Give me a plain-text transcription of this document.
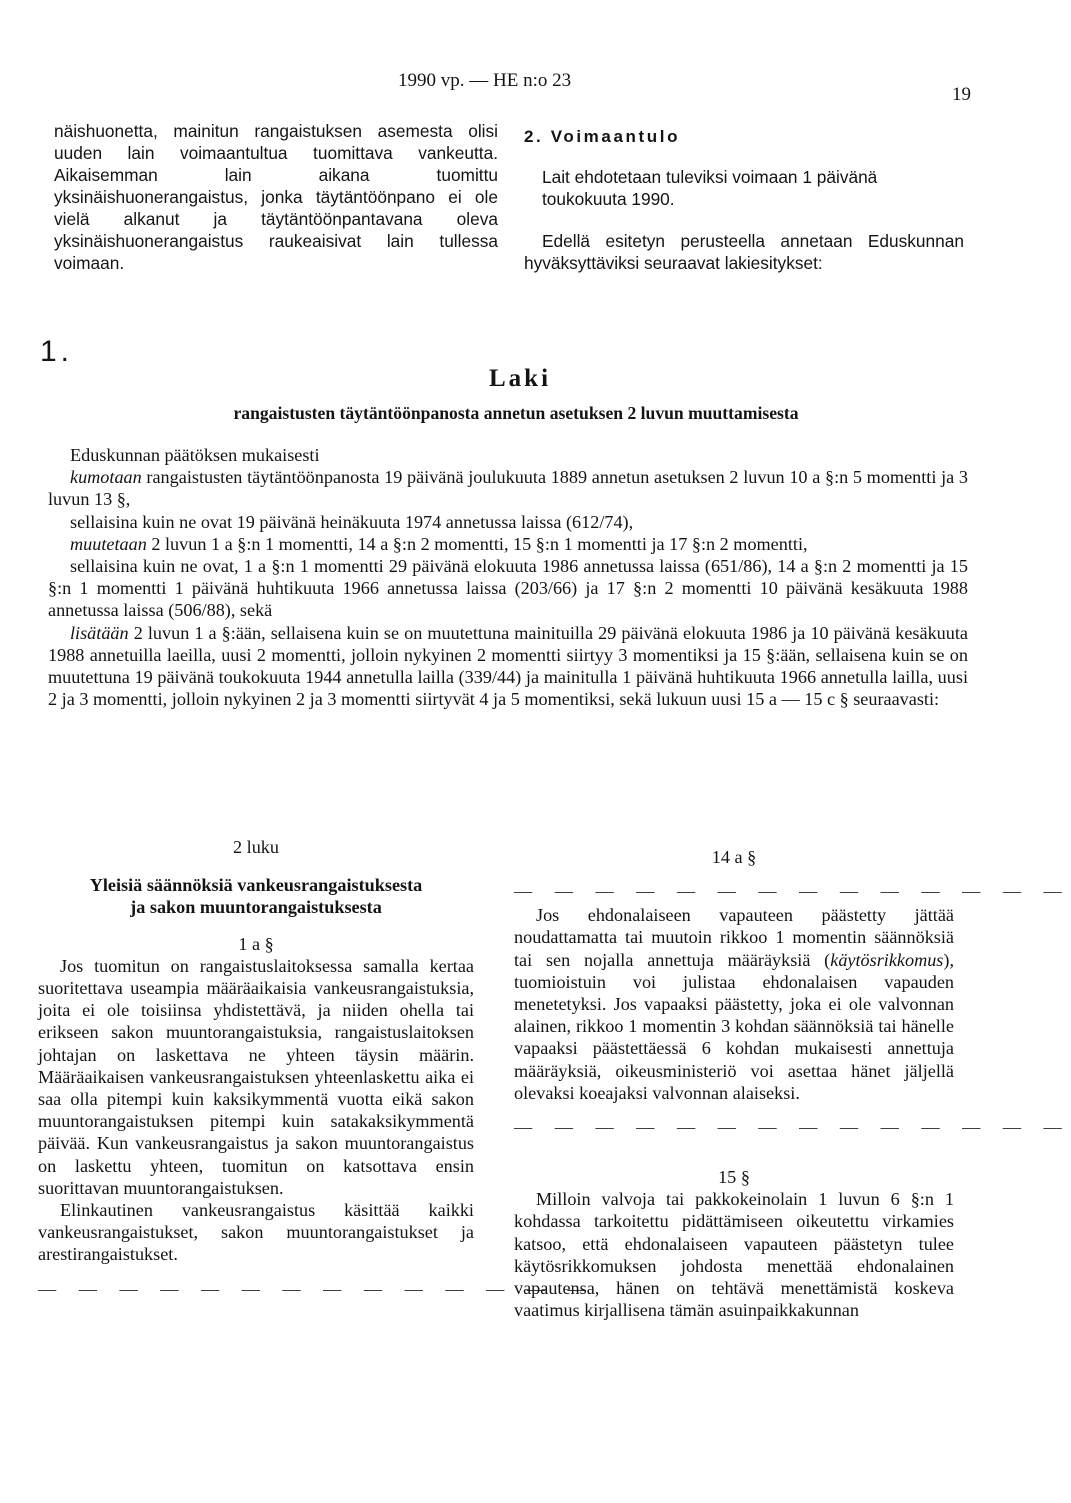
1990 vp. — HE n:o 23
19

näishuonetta, mainitun rangaistuksen asemesta olisi uuden lain voimaantultua tuomittava vankeutta. Aikaisemman lain aikana tuomittu yksinäishuonerangaistus, jonka täytäntöönpano ei ole vielä alkanut ja täytäntöönpantavana oleva yksinäishuonerangaistus raukeaisivat lain tullessa voimaan.

2. Voimaantulo

Lait ehdotetaan tuleviksi voimaan 1 päivänä toukokuuta 1990.

Edellä esitetyn perusteella annetaan Eduskunnan hyväksyttäviksi seuraavat lakiesitykset:

1.
Laki
rangaistusten täytäntöönpanosta annetun asetuksen 2 luvun muuttamisesta

Eduskunnan päätöksen mukaisesti

kumotaan rangaistusten täytäntöönpanosta 19 päivänä joulukuuta 1889 annetun asetuksen 2 luvun 10 a §:n 5 momentti ja 3 luvun 13 §,

sellaisina kuin ne ovat 19 päivänä heinäkuuta 1974 annetussa laissa (612/74),

muutetaan 2 luvun 1 a §:n 1 momentti, 14 a §:n 2 momentti, 15 §:n 1 momentti ja 17 §:n 2 momentti,

sellaisina kuin ne ovat, 1 a §:n 1 momentti 29 päivänä elokuuta 1986 annetussa laissa (651/86), 14 a §:n 2 momentti ja 15 §:n 1 momentti 1 päivänä huhtikuuta 1966 annetussa laissa (203/66) ja 17 §:n 2 momentti 10 päivänä kesäkuuta 1988 annetussa laissa (506/88), sekä

lisätään 2 luvun 1 a §:ään, sellaisena kuin se on muutettuna mainituilla 29 päivänä elokuuta 1986 ja 10 päivänä kesäkuuta 1988 annetuilla laeilla, uusi 2 momentti, jolloin nykyinen 2 momentti siirtyy 3 momentiksi ja 15 §:ään, sellaisena kuin se on muutettuna 19 päivänä toukokuuta 1944 annetulla lailla (339/44) ja mainitulla 1 päivänä huhtikuuta 1966 annetulla lailla, uusi 2 ja 3 momentti, jolloin nykyinen 2 ja 3 momentti siirtyvät 4 ja 5 momentiksi, sekä lukuun uusi 15 a — 15 c § seuraavasti:

2 luku

Yleisiä säännöksiä vankeusrangaistuksesta
ja sakon muuntorangaistuksesta

1 a §

Jos tuomitun on rangaistuslaitoksessa samalla kertaa suoritettava useampia määräaikaisia vankeusrangaistuksia, joita ei ole toisiinsa yhdistettävä, ja niiden ohella tai erikseen sakon muuntorangaistuksia, rangaistuslaitoksen johtajan on laskettava ne yhteen täysin määrin. Määräaikaisen vankeusrangaistuksen yhteenlaskettu aika ei saa olla pitempi kuin kaksikymmentä vuotta eikä sakon muuntorangaistuksen pitempi kuin satakaksikymmentä päivää. Kun vankeusrangaistus ja sakon muuntorangaistus on laskettu yhteen, tuomitun on katsottava ensin suorittavan muuntorangaistuksen.

Elinkautinen vankeusrangaistus käsittää kaikki vankeusrangaistukset, sakon muuntorangaistukset ja arestirangaistukset.

— — — — — — — — — — — — — —

14 a §

— — — — — — — — — — — — — —

Jos ehdonalaiseen vapauteen päästetty jättää noudattamatta tai muutoin rikkoo 1 momentin säännöksiä tai sen nojalla annettuja määräyksiä (käytösrikkomus), tuomioistuin voi julistaa ehdonalaisen vapauden menetetyksi. Jos vapaaksi päästetty, joka ei ole valvonnan alainen, rikkoo 1 momentin 3 kohdan säännöksiä tai hänelle vapaaksi päästettäessä 6 kohdan mukaisesti annettuja määräyksiä, oikeusministeriö voi asettaa hänet jäljellä olevaksi koeajaksi valvonnan alaiseksi.

— — — — — — — — — — — — — —

15 §

Milloin valvoja tai pakkokeinolain 1 luvun 6 §:n 1 kohdassa tarkoitettu pidättämiseen oikeutettu virkamies katsoo, että ehdonalaiseen vapauteen päästetyn tulee käytösrikkomuksen johdosta menettää ehdonalainen vapautensa, hänen on tehtävä menettämistä koskeva vaatimus kirjallisena tämän asuinpaikkakunnan
